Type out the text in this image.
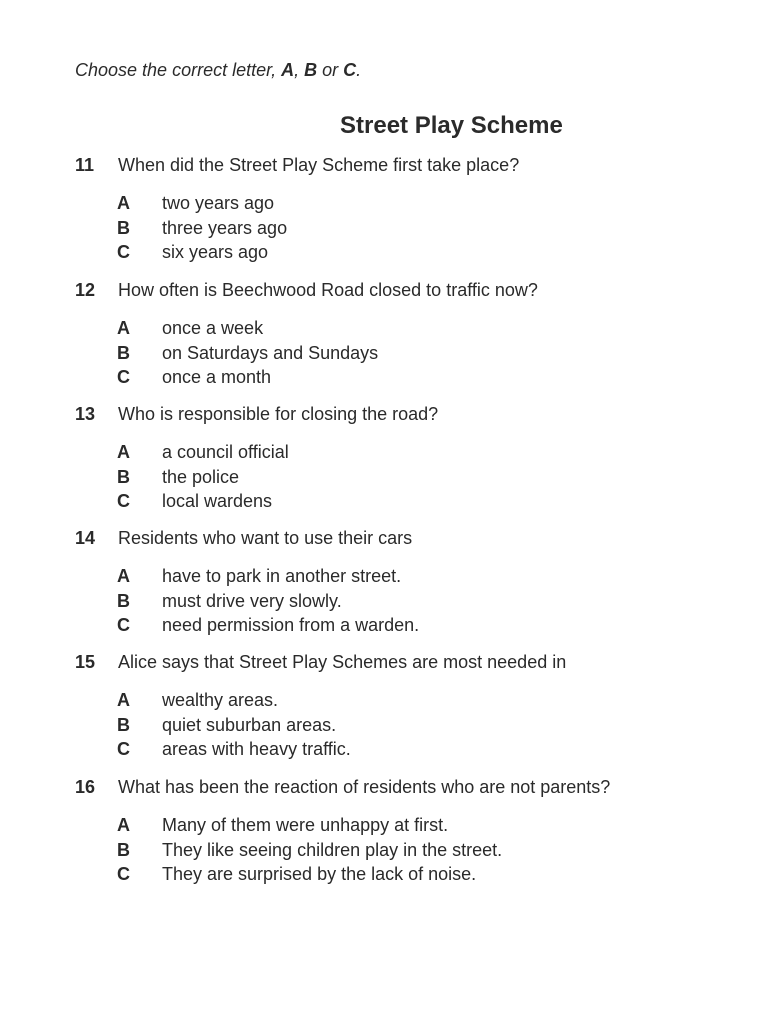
Choose the correct letter, A, B or C.
Street Play Scheme
11	When did the Street Play Scheme first take place?
A	two years ago
B	three years ago
C	six years ago
12	How often is Beechwood Road closed to traffic now?
A	once a week
B	on Saturdays and Sundays
C	once a month
13	Who is responsible for closing the road?
A	a council official
B	the police
C	local wardens
14	Residents who want to use their cars
A	have to park in another street.
B	must drive very slowly.
C	need permission from a warden.
15	Alice says that Street Play Schemes are most needed in
A	wealthy areas.
B	quiet suburban areas.
C	areas with heavy traffic.
16	What has been the reaction of residents who are not parents?
A	Many of them were unhappy at first.
B	They like seeing children play in the street.
C	They are surprised by the lack of noise.
